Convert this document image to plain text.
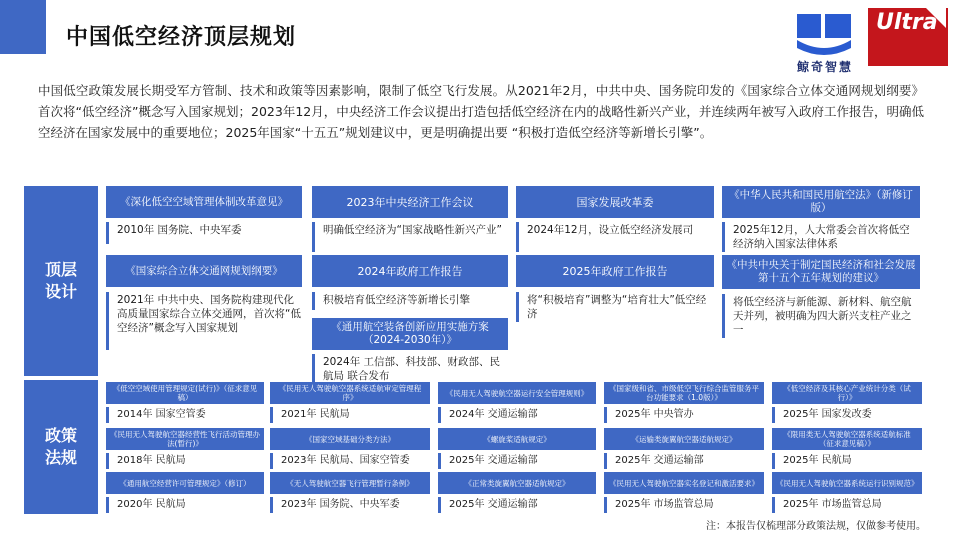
中国低空经济顶层规划
鲸奇智慧
Ultra
中国低空政策发展长期受军方管制、技术和政策等因素影响，限制了低空飞行发展。从2021年2月，中共中央、国务院印发的《国家综合立体交通网规划纲要》首次将“低空经济”概念写入国家规划；2023年12月，中央经济工作会议提出打造包括低空经济在内的战略性新兴产业，并连续两年被写入政府工作报告，明确低空经济在国家发展中的重要地位；2025年国家“十五五”规划建议中，更是明确提出要 “积极打造低空经济等新增长引擎”。
顶层
设计
政策
法规
《深化低空空域管理体制改革意见》
2010年 国务院、中央军委
2023年中央经济工作会议
明确低空经济为“国家战略性新兴产业”
国家发展改革委
2024年12月，设立低空经济发展司
《中华人民共和国民用航空法》（新修订版）
2025年12月，人大常委会首次将低空经济纳入国家法律体系
《国家综合立体交通网规划纲要》
2021年 中共中央、国务院构建现代化高质量国家综合立体交通网，首次将“低空经济”概念写入国家规划
2024年政府工作报告
积极培育低空经济等新增长引擎
2025年政府工作报告
将“积极培育”调整为“培育壮大”低空经济
《中共中央关于制定国民经济和社会发展第十五个五年规划的建议》
将低空经济与新能源、新材料、航空航天并列，被明确为四大新兴支柱产业之一
《通用航空装备创新应用实施方案（2024-2030年）》
2024年 工信部、科技部、财政部、民航局 联合发布
《低空空域使用管理规定(试行)》（征求意见稿）
2014年 国家空管委
《民用无人驾驶航空器系统适航审定管理程序》
2021年 民航局
《民用无人驾驶航空器运行安全管理规则》
2024年 交通运输部
《国家级和省、市级低空飞行综合监管服务平台功能要求（1.0版）》
2025年 中央管办
《低空经济及其核心产业统计分类（试行）》
2025年 国家发改委
《民用无人驾驶航空器经营性飞行活动管理办法(暂行)》
2018年 民航局
《国家空域基础分类方法》
2023年 民航局、国家空管委
《螺旋桨适航规定》
2025年 交通运输部
《运输类旋翼航空器适航规定》
2025年 交通运输部
《限用类无人驾驶航空器系统适航标准（征求意见稿）》
2025年 民航局
《通用航空经营许可管理规定》（修订）
2020年 民航局
《无人驾驶航空器飞行管理暂行条例》
2023年 国务院、中央军委
《正常类旋翼航空器适航规定》
2025年 交通运输部
《民用无人驾驶航空器实名登记和激活要求》
2025年 市场监管总局
《民用无人驾驶航空器系统运行识别规范》
2025年 市场监管总局
注：本报告仅梳理部分政策法规，仅做参考使用。
